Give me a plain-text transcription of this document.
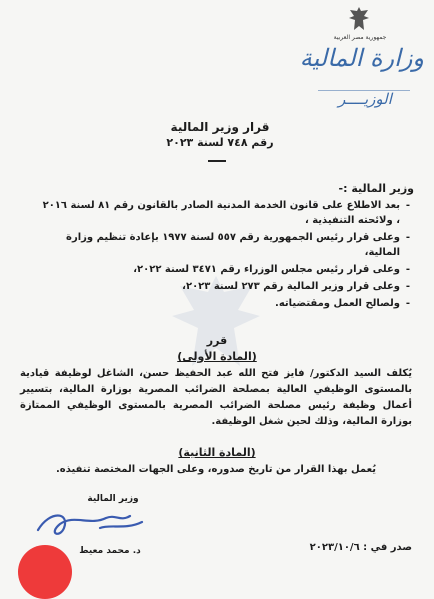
جمهورية مصر العربية
وزارة المالية
الوزيــــر
قرار وزير المالية
رقم ٧٤٨ لسنة ٢٠٢٣
وزير المالية :-
- بعد الاطلاع على قانون الخدمة المدنية الصادر بالقانون رقم ٨١ لسنة ٢٠١٦ ، ولائحته التنفيذية ،
- وعلى قرار رئيس الجمهورية رقم ٥٥٧ لسنة ١٩٧٧ بإعادة تنظيم وزارة المالية،
- وعلى قرار رئيس مجلس الوزراء رقم ٣٤٧١ لسنة ٢٠٢٢،
- وعلى قرار وزير المالية رقم ٢٧٣ لسنة ٢٠٢٣،
- ولصالح العمل ومقتضياته.
قرر
(المادة الأولى)
يُكلف السيد الدكتور/ فايز فتح الله عبد الحفيظ حسن، الشاغل لوظيفة قيادية بالمستوى الوظيفي العالية بمصلحة الضرائب المصرية بوزارة المالية، بتسيير أعمال وظيفة رئيس مصلحة الضرائب المصرية بالمستوى الوظيفي الممتازة بوزارة المالية، وذلك لحين شغل الوظيفة.
(المادة الثانية)
يُعمل بهذا القرار من تاريخ صدوره، وعلى الجهات المختصة تنفيذه.
وزير المالية
د. محمد معيط	صدر في : ٢٠٢٣/١٠/٦
